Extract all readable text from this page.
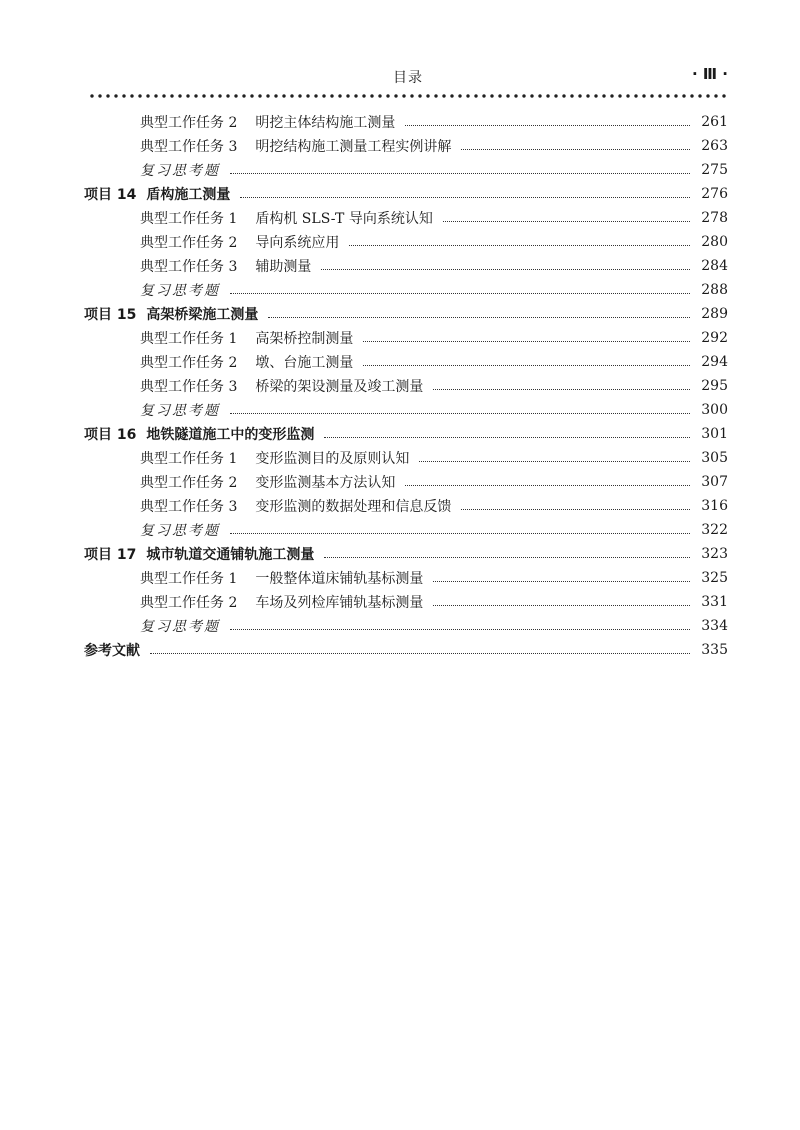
目录	· Ⅲ ·
典型工作任务 2 明挖主体结构施工测量	261
典型工作任务 3 明挖结构施工测量工程实例讲解	263
复习思考题	275
项目 14 盾构施工测量	276
典型工作任务 1 盾构机 SLS-T 导向系统认知	278
典型工作任务 2 导向系统应用	280
典型工作任务 3 辅助测量	284
复习思考题	288
项目 15 高架桥梁施工测量	289
典型工作任务 1 高架桥控制测量	292
典型工作任务 2 墩、台施工测量	294
典型工作任务 3 桥梁的架设测量及竣工测量	295
复习思考题	300
项目 16 地铁隧道施工中的变形监测	301
典型工作任务 1 变形监测目的及原则认知	305
典型工作任务 2 变形监测基本方法认知	307
典型工作任务 3 变形监测的数据处理和信息反馈	316
复习思考题	322
项目 17 城市轨道交通铺轨施工测量	323
典型工作任务 1 一般整体道床铺轨基标测量	325
典型工作任务 2 车场及列检库铺轨基标测量	331
复习思考题	334
参考文献	335
